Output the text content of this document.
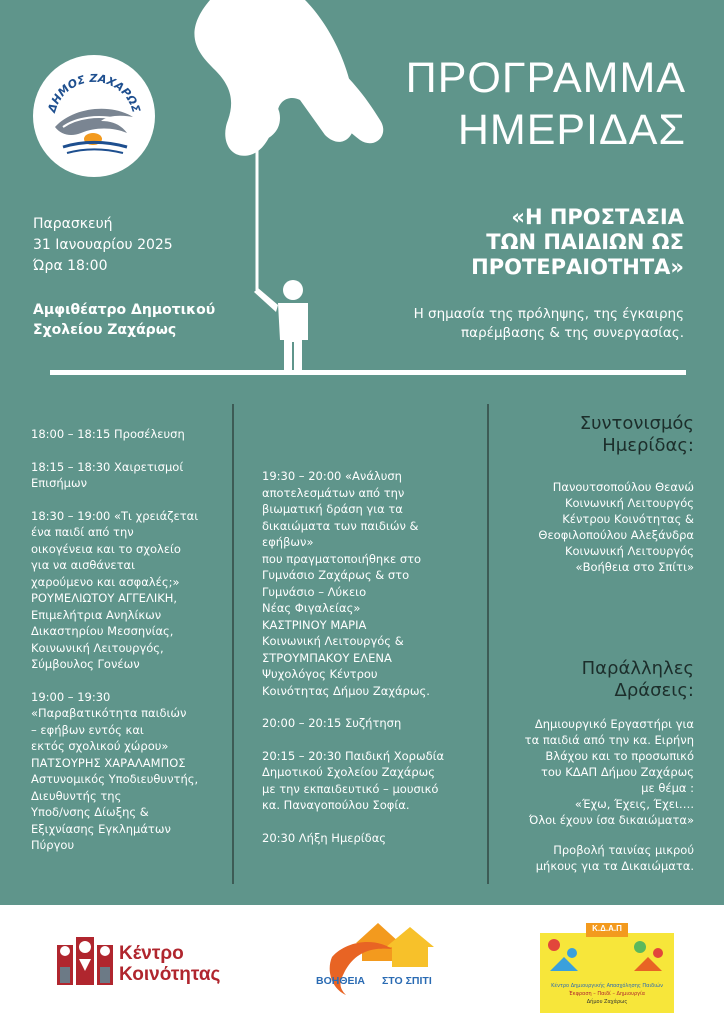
ΔΗΜΟΣ ΖΑΧΑΡΩΣ
ΠΡΟΓΡΑΜΜΑ
ΗΜΕΡΙΔΑΣ
Παρασκευή
31 Ιανουαρίου 2025
Ώρα 18:00
Αμφιθέατρο Δημοτικού
Σχολείου Ζαχάρως
«Η ΠΡΟΣΤΑΣΙΑ
ΤΩΝ ΠΑΙΔΙΩΝ ΩΣ
ΠΡΟΤΕΡΑΙΟΤΗΤΑ»
Η σημασία της πρόληψης, της έγκαιρης
παρέμβασης & της συνεργασίας.

18:00 – 18:15 Προσέλευση

18:15 – 18:30 Χαιρετισμοί
Επισήμων

18:30 – 19:00 «Τι χρειάζεται
ένα παιδί από την
οικογένεια και το σχολείο
για να αισθάνεται
χαρούμενο και ασφαλές;»
ΡΟΥΜΕΛΙΩΤΟΥ ΑΓΓΕΛΙΚΗ,
Επιμελήτρια Ανηλίκων
Δικαστηρίου Μεσσηνίας,
Κοινωνική Λειτουργός,
Σύμβουλος Γονέων

19:00 – 19:30
«Παραβατικότητα παιδιών
– εφήβων εντός και
εκτός σχολικού χώρου»
ΠΑΤΣΟΥΡΗΣ ΧΑΡΑΛΑΜΠΟΣ
Αστυνομικός Υποδιευθυντής,
Διευθυντής της
Υποδ/νσης Δίωξης &
Εξιχνίασης Εγκλημάτων
Πύργου

19:30 – 20:00 «Ανάλυση
αποτελεσμάτων από την
βιωματική δράση για τα
δικαιώματα των παιδιών &
εφήβων»
που πραγματοποιήθηκε στο
Γυμνάσιο Ζαχάρως & στο
Γυμνάσιο – Λύκειο
Νέας Φιγαλείας»
ΚΑΣΤΡΙΝΟΥ ΜΑΡΙΑ
Κοινωνική Λειτουργός &
ΣΤΡΟΥΜΠΑΚΟΥ ΕΛΕΝΑ
Ψυχολόγος Κέντρου
Κοινότητας Δήμου Ζαχάρως.

20:00 – 20:15 Συζήτηση

20:15 – 20:30 Παιδική Χορωδία
Δημοτικού Σχολείου Ζαχάρως
με την εκπαιδευτικό – μουσικό
κα. Παναγοπούλου Σοφία.

20:30 Λήξη Ημερίδας

Συντονισμός
Ημερίδας:
Πανουτσοπούλου Θεανώ
Κοινωνική Λειτουργός
Κέντρου Κοινότητας &
Θεοφιλοπούλου Αλεξάνδρα
Κοινωνική Λειτουργός
«Βοήθεια στο Σπίτι»
Παράλληλες
Δράσεις:
Δημιουργικό Εργαστήρι για
τα παιδιά από την κα. Ειρήνη
Βλάχου και το προσωπικό
του ΚΔΑΠ Δήμου Ζαχάρως
με θέμα :
«Έχω, Έχεις, Έχει….
Όλοι έχουν ίσα δικαιώματα»
Προβολή ταινίας μικρού
μήκους για τα Δικαιώματα.
Κέντρο
Κοινότητας	ΒΟΗΘΕΙΑ ΣΤΟ ΣΠΙΤΙ
Κ.Δ.Α.Π
Κέντρο Δημιουργικής Απασχόλησης Παιδιών
Έκφραση – Παιδί – Δημιουργία
Δήμου Ζαχάρως
